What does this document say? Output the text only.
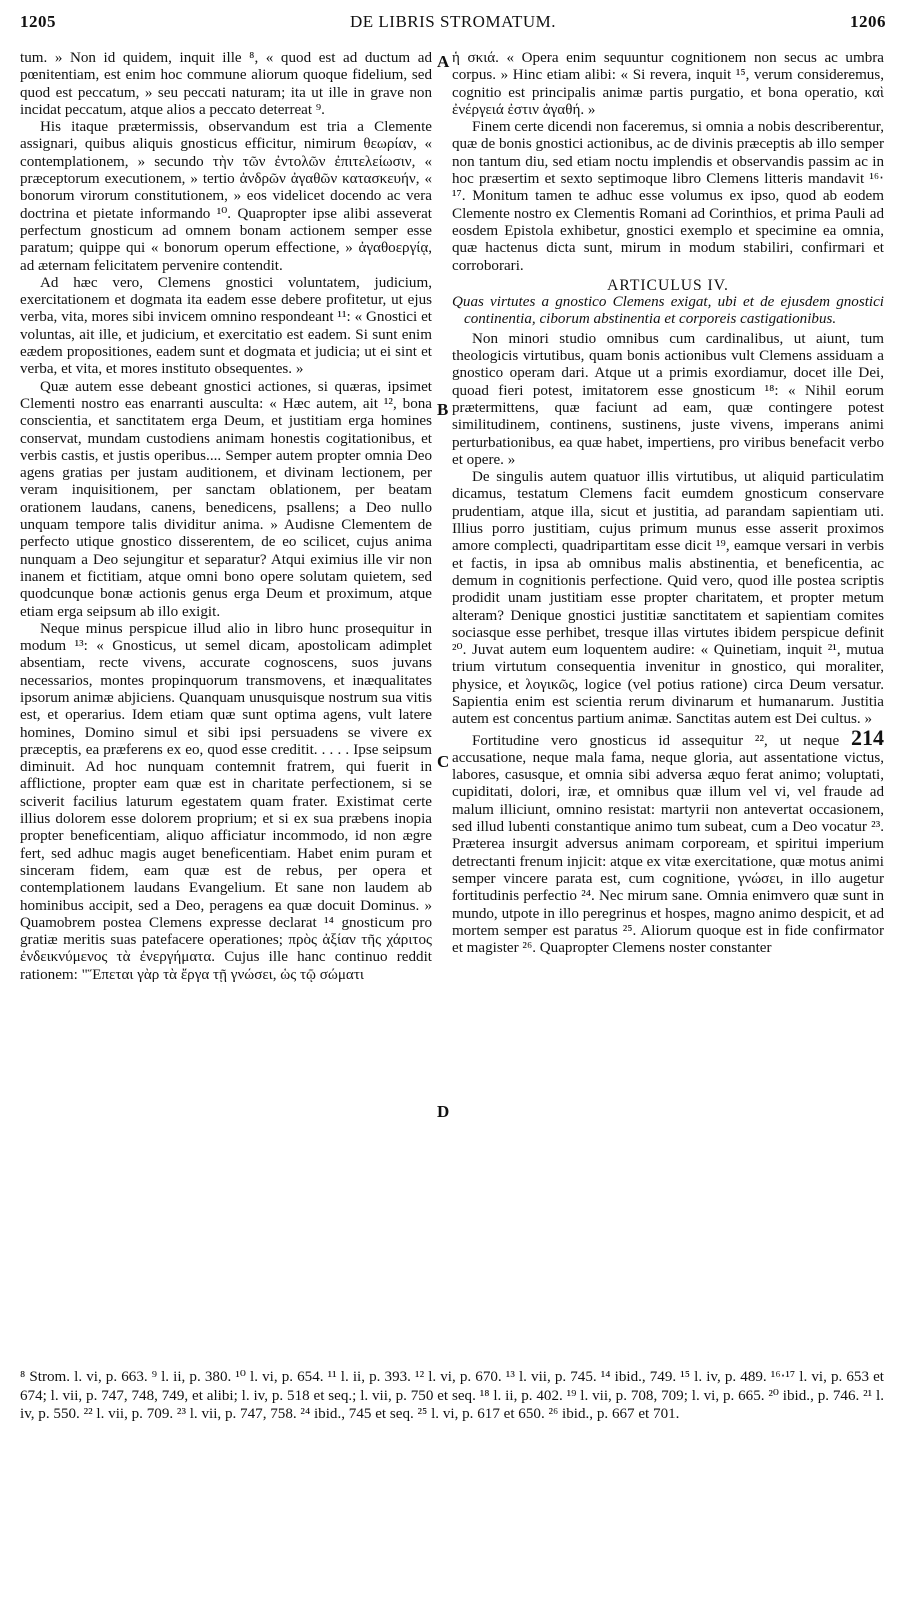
1205	DE LIBRIS STROMATUM.	1206

tum. » Non id quidem, inquit ille ⁸, « quod est ad ductum ad pœnitentiam, est enim hoc commune aliorum quoque fidelium, sed quod est peccatum, » seu peccati naturam; ita ut ille in grave non incidat peccatum, atque alios a peccato deterreat ⁹.

His itaque prætermissis, observandum est tria a Clemente assignari, quibus aliquis gnosticus efficitur, nimirum θεωρίαν, « contemplationem, » secundo τὴν τῶν ἐντολῶν ἐπιτελείωσιν, « præceptorum executionem, » tertio ἀνδρῶν ἀγαθῶν κατασκευήν, « bonorum virorum constitutionem, » eos videlicet docendo ac vera doctrina et pietate informando ¹⁰. Quapropter ipse alibi asseverat perfectum gnosticum ad omnem bonam actionem semper esse paratum; quippe qui « bonorum operum effectione, » ἀγαθοεργίᾳ, ad æternam felicitatem pervenire contendit.

Ad hæc vero, Clemens gnostici voluntatem, judicium, exercitationem et dogmata ita eadem esse debere profitetur, ut ejus verba, vita, mores sibi invicem omnino respondeant ¹¹: « Gnostici et voluntas, ait ille, et judicium, et exercitatio est eadem. Si sunt enim eædem propositiones, eadem sunt et dogmata et judicia; ut ei sint et verba, et vita, et mores instituto obsequentes. »

Quæ autem esse debeant gnostici actiones, si quæras, ipsimet Clementi nostro eas enarranti ausculta: « Hæc autem, ait ¹², bona conscientia, et sanctitatem erga Deum, et justitiam erga homines conservat, mundam custodiens animam honestis cogitationibus, et verbis castis, et justis operibus.... Semper autem propter omnia Deo agens gratias per justam auditionem, et divinam lectionem, per veram inquisitionem, per sanctam oblationem, per beatam orationem laudans, canens, benedicens, psallens; a Deo nullo unquam tempore talis dividitur anima. » Audisne Clementem de perfecto utique gnostico disserentem, de eo scilicet, cujus anima nunquam a Deo sejungitur et separatur? Atqui eximius ille vir non inanem et fictitiam, atque omni bono opere solutam quietem, sed quodcunque bonæ actionis genus erga Deum et proximum, atque etiam erga seipsum ab illo exigit.

Neque minus perspicue illud alio in libro hunc prosequitur in modum ¹³: « Gnosticus, ut semel dicam, apostolicam adimplet absentiam, recte vivens, accurate cognoscens, suos juvans necessarios, montes propinquorum transmovens, et inæqualitates ipsorum animæ abjiciens. Quanquam unusquisque nostrum sua vitis est, et operarius. Idem etiam quæ sunt optima agens, vult latere homines, Domino simul et sibi ipsi persuadens se vivere ex præceptis, ea præferens ex eo, quod esse creditit. . . . . Ipse seipsum diminuit. Ad hoc nunquam contemnit fratrem, qui fuerit in afflictione, propter eam quæ est in charitate perfectionem, si se sciverit facilius laturum egestatem quam frater. Existimat certe illius dolorem esse dolorem proprium; et si ex sua præbens inopia propter beneficentiam, aliquo afficiatur incommodo, id non ægre fert, sed adhuc magis auget beneficentiam. Habet enim puram et sinceram fidem, eam quæ est de rebus, per opera et contemplationem laudans Evangelium. Et sane non laudem ab hominibus accipit, sed a Deo, peragens ea quæ docuit Dominus. » Quamobrem postea Clemens expresse declarat ¹⁴ gnosticum pro gratiæ meritis suas patefacere operationes; πρὸς ἀξίαν τῆς χάριτος ἐνδεικνύμενος τὰ ἐνεργήματα. Cujus ille hanc continuo reddit rationem: "Ἕπεται γὰρ τὰ ἔργα τῇ γνώσει, ὡς τῷ σώματι

A
B
C
D

ἡ σκιά. « Opera enim sequuntur cognitionem non secus ac umbra corpus. » Hinc etiam alibi: « Si revera, inquit ¹⁵, verum consideremus, cognitio est principalis animæ partis purgatio, et bona operatio, καὶ ἐνέργειά ἐστιν ἀγαθή. »

Finem certe dicendi non faceremus, si omnia a nobis describerentur, quæ de bonis gnostici actionibus, ac de divinis præceptis ab illo semper non tantum diu, sed etiam noctu implendis et observandis passim ac in hoc præsertim et sexto septimoque libro Clemens litteris mandavit ¹⁶‧¹⁷. Monitum tamen te adhuc esse volumus ex ipso, quod ab eodem Clemente nostro ex Clementis Romani ad Corinthios, et prima Pauli ad eosdem Epistola exhibetur, gnostici exemplo et specimine ea omnia, quæ hactenus dicta sunt, mirum in modum stabiliri, confirmari et corroborari.

ARTICULUS IV.
Quas virtutes a gnostico Clemens exigat, ubi et de ejusdem gnostici continentia, ciborum abstinentia et corporeis castigationibus.

Non minori studio omnibus cum cardinalibus, ut aiunt, tum theologicis virtutibus, quam bonis actionibus vult Clemens assiduam a gnostico operam dari. Atque ut a primis exordiamur, docet ille Dei, quoad fieri potest, imitatorem esse gnosticum ¹⁸: « Nihil eorum prætermittens, quæ faciunt ad eam, quæ contingere potest similitudinem, continens, sustinens, juste vivens, imperans animi perturbationibus, ea quæ habet, impertiens, pro viribus benefacit verbo et opere. »

De singulis autem quatuor illis virtutibus, ut aliquid particulatim dicamus, testatum Clemens facit eumdem gnosticum conservare prudentiam, atque illa, sicut et justitia, ad parandam sapientiam uti. Illius porro justitiam, cujus primum munus esse asserit proximos amore complecti, quadripartitam esse dicit ¹⁹, eamque versari in verbis et factis, in ipsa ab omnibus malis abstinentia, et beneficentia, ac demum in cognitionis perfectione. Quid vero, quod ille postea scriptis prodidit unam justitiam esse propter charitatem, et propter metum alteram? Denique gnostici justitiæ sanctitatem et sapientiam comites sociasque esse perhibet, tresque illas virtutes ibidem perspicue definit ²⁰. Juvat autem eum loquentem audire: « Quinetiam, inquit ²¹, mutua trium virtutum consequentia invenitur in gnostico, qui moraliter, physice, et λογικῶς, logice (vel potius ratione) circa Deum versatur. Sapientia enim est scientia rerum divinarum et humanarum. Justitia autem est concentus partium animæ. Sanctitas autem est Dei cultus. »

Fortitudine vero gnosticus id assequitur ²², ut neque 214 accusatione, neque mala fama, neque gloria, aut assentatione victus, labores, casusque, et omnia sibi adversa æquo ferat animo; voluptati, cupiditati, dolori, iræ, et omnibus quæ illum vel vi, vel fraude ad malum illiciunt, omnino resistat: martyrii non antevertat occasionem, sed illud lubenti constantique animo tum subeat, cum a Deo vocatur ²³. Præterea insurgit adversus animam corpoream, et spiritui imperium detrectanti frenum injicit: atque ex vitæ exercitatione, quæ motus animi semper vincere parata est, cum cognitione, γνώσει, in illo augetur fortitudinis perfectio ²⁴. Nec mirum sane. Omnia enimvero quæ sunt in mundo, utpote in illo peregrinus et hospes, magno animo despicit, et ad mortem semper est paratus ²⁵. Aliorum quoque est in fide confirmator et magister ²⁶. Quapropter Clemens noster constanter

⁸ Strom. l. vi, p. 663. ⁹ l. ii, p. 380. ¹⁰ l. vi, p. 654. ¹¹ l. ii, p. 393. ¹² l. vi, p. 670. ¹³ l. vii, p. 745. ¹⁴ ibid., 749. ¹⁵ l. iv, p. 489. ¹⁶‧¹⁷ l. vi, p. 653 et 674; l. vii, p. 747, 748, 749, et alibi; l. iv, p. 518 et seq.; l. vii, p. 750 et seq. ¹⁸ l. ii, p. 402. ¹⁹ l. vii, p. 708, 709; l. vi, p. 665. ²⁰ ibid., p. 746. ²¹ l. iv, p. 550. ²² l. vii, p. 709. ²³ l. vii, p. 747, 758. ²⁴ ibid., 745 et seq. ²⁵ l. vi, p. 617 et 650. ²⁶ ibid., p. 667 et 701.
